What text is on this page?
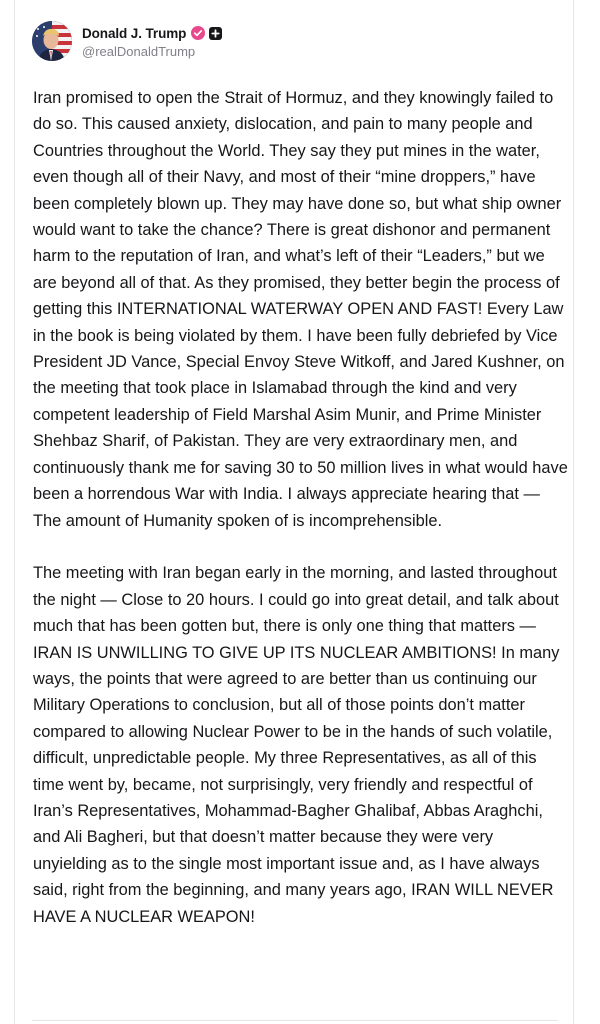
Donald J. Trump
@realDonaldTrump

Iran promised to open the Strait of Hormuz, and they knowingly failed to do so. This caused anxiety, dislocation, and pain to many people and Countries throughout the World. They say they put mines in the water, even though all of their Navy, and most of their “mine droppers,” have been completely blown up. They may have done so, but what ship owner would want to take the chance? There is great dishonor and permanent harm to the reputation of Iran, and what’s left of their “Leaders,” but we are beyond all of that. As they promised, they better begin the process of getting this INTERNATIONAL WATERWAY OPEN AND FAST! Every Law in the book is being violated by them. I have been fully debriefed by Vice President JD Vance, Special Envoy Steve Witkoff, and Jared Kushner, on the meeting that took place in Islamabad through the kind and very competent leadership of Field Marshal Asim Munir, and Prime Minister Shehbaz Sharif, of Pakistan. They are very extraordinary men, and continuously thank me for saving 30 to 50 million lives in what would have been a horrendous War with India. I always appreciate hearing that — The amount of Humanity spoken of is incomprehensible.

The meeting with Iran began early in the morning, and lasted throughout the night — Close to 20 hours. I could go into great detail, and talk about much that has been gotten but, there is only one thing that matters — IRAN IS UNWILLING TO GIVE UP ITS NUCLEAR AMBITIONS! In many ways, the points that were agreed to are better than us continuing our Military Operations to conclusion, but all of those points don’t matter compared to allowing Nuclear Power to be in the hands of such volatile, difficult, unpredictable people. My three Representatives, as all of this time went by, became, not surprisingly, very friendly and respectful of Iran’s Representatives, Mohammad-Bagher Ghalibaf, Abbas Araghchi, and Ali Bagheri, but that doesn’t matter because they were very unyielding as to the single most important issue and, as I have always said, right from the beginning, and many years ago, IRAN WILL NEVER HAVE A NUCLEAR WEAPON!
